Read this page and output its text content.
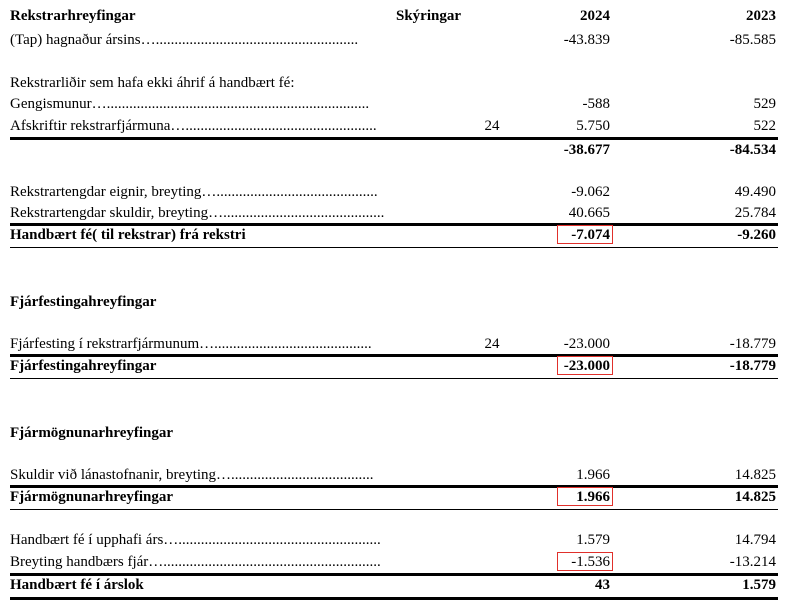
Rekstrarhreyfingar	Skýringar	2024	2023
(Tap) hagnaður ársins…......................................................	-43.839	-85.585
Rekstrarliðir sem hafa ekki áhrif á handbært fé:
Gengismunur…......................................................................	-588	529
Afskriftir rekstrarfjármuna…...................................................	24	5.750	522
-38.677	-84.534
Rekstrartengdar eignir, breyting…...........................................	-9.062	49.490
Rekstrartengdar skuldir, breyting…...........................................	40.665	25.784
Handbært fé( til rekstrar) frá rekstri	-7.074	-9.260
Fjárfestingahreyfingar
Fjárfesting í rekstrarfjármunum…..........................................	24	-23.000	-18.779
Fjárfestingahreyfingar	-23.000	-18.779
Fjármögnunarhreyfingar
Skuldir við lánastofnanir, breyting…......................................	1.966	14.825
Fjármögnunarhreyfingar	1.966	14.825
Handbært fé í upphafi árs…......................................................	1.579	14.794
Breyting handbærs fjár…..........................................................	-1.536	-13.214
Handbært fé í árslok	43	1.579
